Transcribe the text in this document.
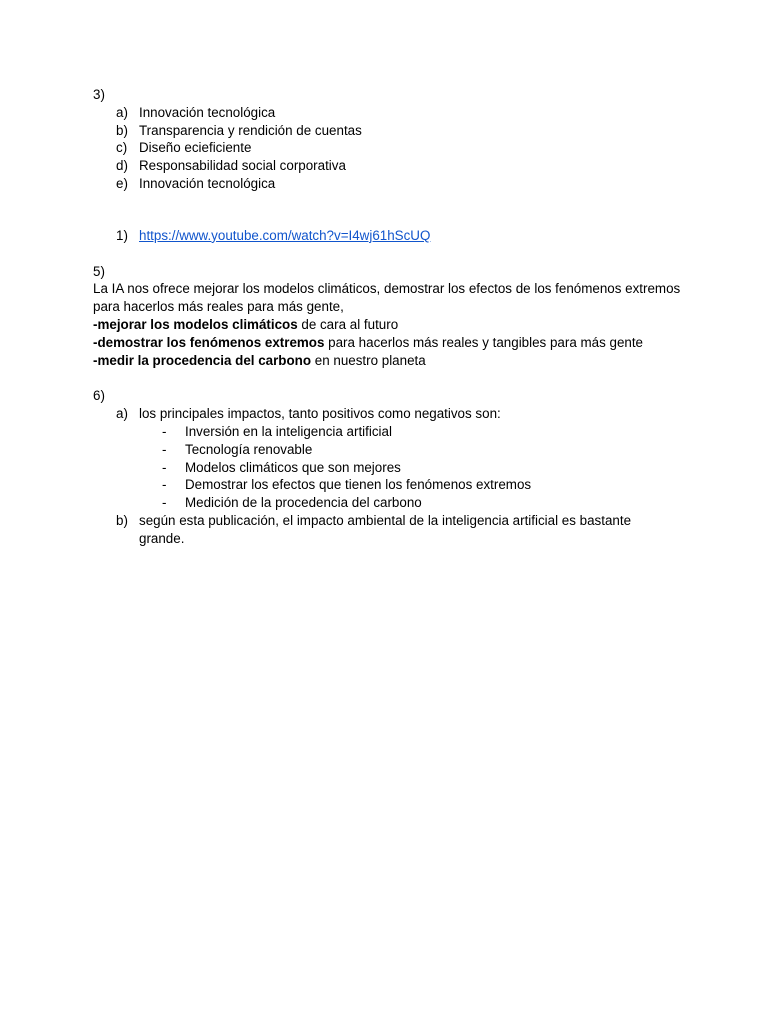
3)
a) Innovación tecnológica
b) Transparencia y rendición de cuentas
c) Diseño ecieficiente
d) Responsabilidad social corporativa
e) Innovación tecnológica
1) https://www.youtube.com/watch?v=I4wj61hScUQ
5)
La IA nos ofrece mejorar los modelos climáticos, demostrar los efectos de los fenómenos extremos para hacerlos más reales para más gente,
-mejorar los modelos climáticos de cara al futuro
-demostrar los fenómenos extremos para hacerlos más reales y tangibles para más gente
-medir la procedencia del carbono en nuestro planeta
6)
a) los principales impactos, tanto positivos como negativos son:
- Inversión en la inteligencia artificial
- Tecnología renovable
- Modelos climáticos que son mejores
- Demostrar los efectos que tienen los fenómenos extremos
- Medición de la procedencia del carbono
b) según esta publicación, el impacto ambiental de la inteligencia artificial es bastante grande.
